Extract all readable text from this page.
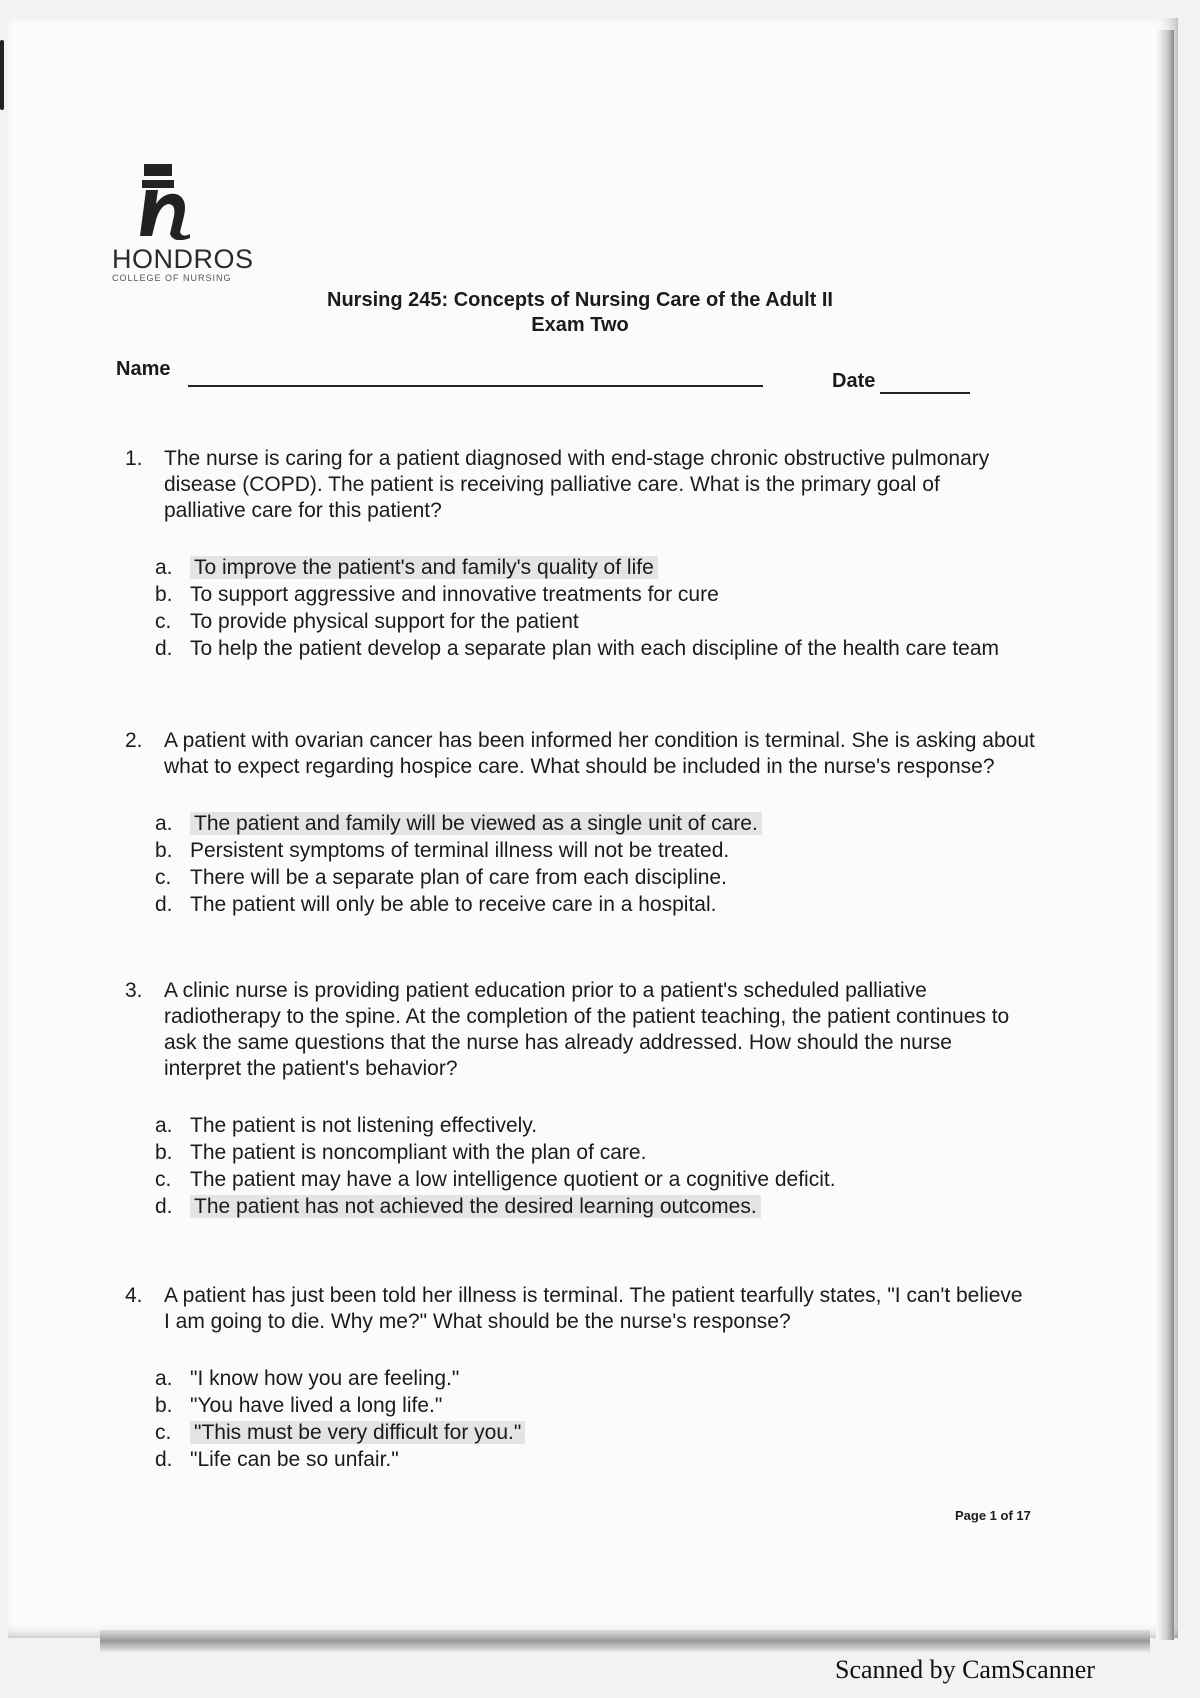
HONDROS
COLLEGE OF NURSING
Nursing 245: Concepts of Nursing Care of the Adult II
Exam Two
Name
Date
1. The nurse is caring for a patient diagnosed with end-stage chronic obstructive pulmonary disease (COPD). The patient is receiving palliative care. What is the primary goal of palliative care for this patient?
a. To improve the patient's and family's quality of life
b. To support aggressive and innovative treatments for cure
c. To provide physical support for the patient
d. To help the patient develop a separate plan with each discipline of the health care team
2. A patient with ovarian cancer has been informed her condition is terminal. She is asking about what to expect regarding hospice care. What should be included in the nurse's response?
a. The patient and family will be viewed as a single unit of care.
b. Persistent symptoms of terminal illness will not be treated.
c. There will be a separate plan of care from each discipline.
d. The patient will only be able to receive care in a hospital.
3. A clinic nurse is providing patient education prior to a patient's scheduled palliative radiotherapy to the spine. At the completion of the patient teaching, the patient continues to ask the same questions that the nurse has already addressed. How should the nurse interpret the patient's behavior?
a. The patient is not listening effectively.
b. The patient is noncompliant with the plan of care.
c. The patient may have a low intelligence quotient or a cognitive deficit.
d. The patient has not achieved the desired learning outcomes.
4. A patient has just been told her illness is terminal. The patient tearfully states, "I can't believe I am going to die. Why me?" What should be the nurse's response?
a. "I know how you are feeling."
b. "You have lived a long life."
c. "This must be very difficult for you."
d. "Life can be so unfair."
Page 1 of 17
Scanned by CamScanner
